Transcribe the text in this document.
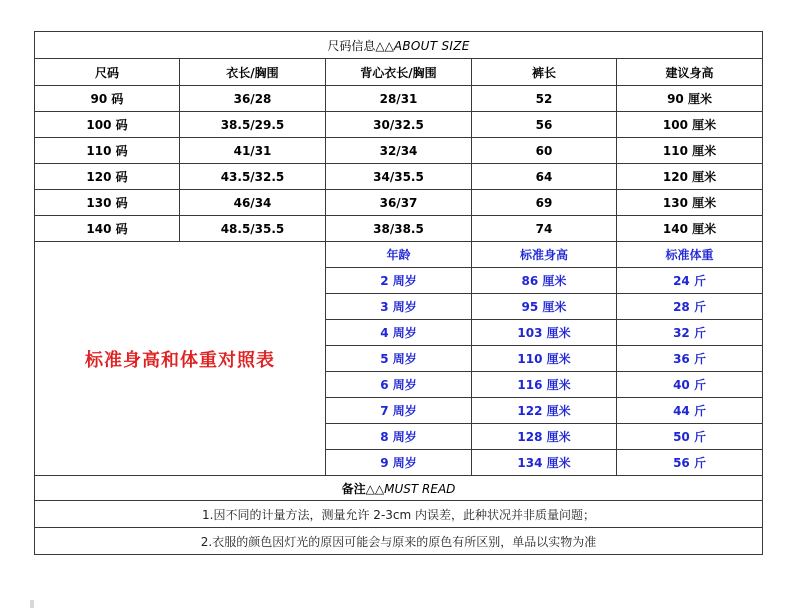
尺码信息△△ABOUT SIZE				
尺码	衣长/胸围	背心衣长/胸围	裤长	建议身高
90 码	36/28	28/31	52	90 厘米
100 码	38.5/29.5	30/32.5	56	100 厘米
110 码	41/31	32/34	60	110 厘米
120 码	43.5/32.5	34/35.5	64	120 厘米
130 码	46/34	36/37	69	130 厘米
140 码	48.5/35.5	38/38.5	74	140 厘米
标准身高和体重对照表		年龄	标准身高	标准体重
		2 周岁	86 厘米	24 斤
		3 周岁	95 厘米	28 斤
		4 周岁	103 厘米	32 斤
		5 周岁	110 厘米	36 斤
		6 周岁	116 厘米	40 斤
		7 周岁	122 厘米	44 斤
		8 周岁	128 厘米	50 斤
		9 周岁	134 厘米	56 斤
备注△△MUST READ				
1.因不同的计量方法，测量允许 2-3cm 内误差，此种状况并非质量问题；				
2.衣服的颜色因灯光的原因可能会与原来的原色有所区别，单品以实物为准				
